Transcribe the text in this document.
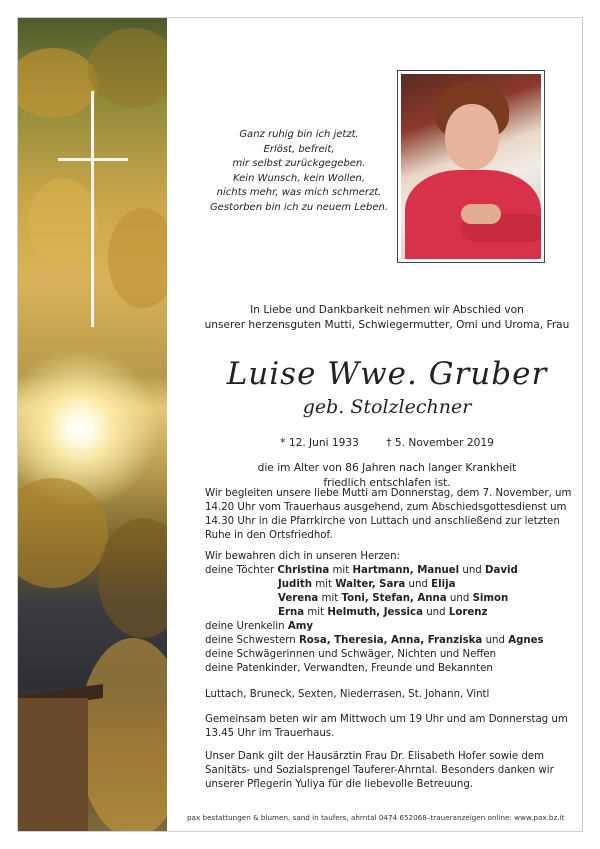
Ganz ruhig bin ich jetzt.
Erlöst, befreit,
mir selbst zurückgegeben.
Kein Wunsch, kein Wollen,
nichts mehr, was mich schmerzt.
Gestorben bin ich zu neuem Leben.
In Liebe und Dankbarkeit nehmen wir Abschied von
unserer herzensguten Mutti, Schwiegermutter, Omi und Uroma, Frau
Luise Wwe. Gruber
geb. Stolzlechner
* 12. Juni 1933	† 5. November 2019
die im Alter von 86 Jahren nach langer Krankheit
friedlich entschlafen ist.
Wir begleiten unsere liebe Mutti am Donnerstag, dem 7. November, um
14.20 Uhr vom Trauerhaus ausgehend, zum Abschiedsgottesdienst um
14.30 Uhr in die Pfarrkirche von Luttach und anschließend zur letzten
Ruhe in den Ortsfriedhof.
Wir bewahren dich in unseren Herzen:
deine Töchter Christina mit Hartmann, Manuel und David
Judith mit Walter, Sara und Elija
Verena mit Toni, Stefan, Anna und Simon
Erna mit Helmuth, Jessica und Lorenz
deine Urenkelin Amy
deine Schwestern Rosa, Theresia, Anna, Franziska und Agnes
deine Schwägerinnen und Schwäger, Nichten und Neffen
deine Patenkinder, Verwandten, Freunde und Bekannten
Luttach, Bruneck, Sexten, Niederrasen, St. Johann, Vintl
Gemeinsam beten wir am Mittwoch um 19 Uhr und am Donnerstag um
13.45 Uhr im Trauerhaus.
Unser Dank gilt der Hausärztin Frau Dr. Elisabeth Hofer sowie dem
Sanitäts- und Sozialsprengel Tauferer-Ahrntal. Besonders danken wir
unserer Pflegerin Yuliya für die liebevolle Betreuung.
pax bestattungen & blumen, sand in taufers, ahrntal 0474 652068–traueranzeigen online: www.pax.bz.it
